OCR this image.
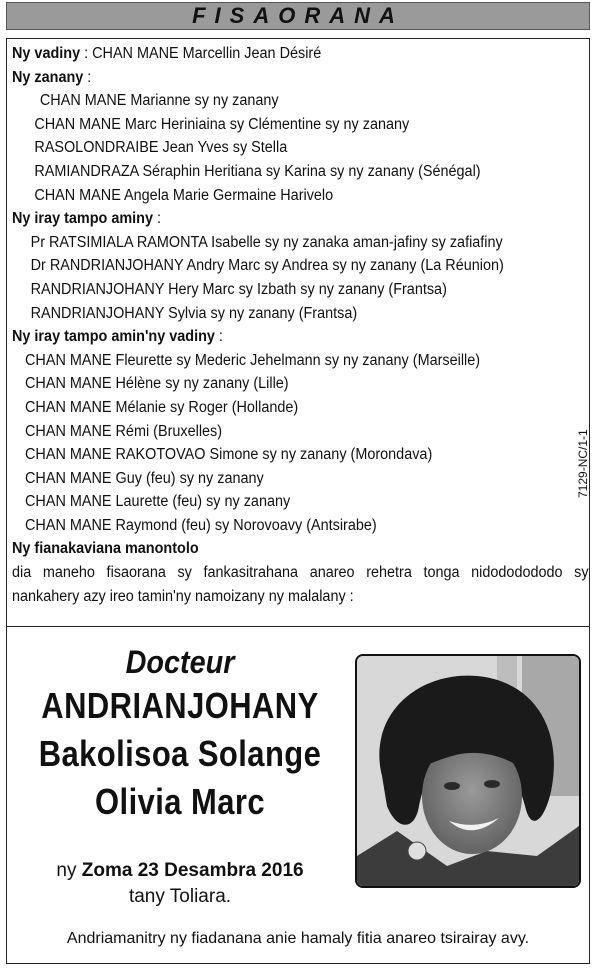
FISAORANA
Ny vadiny : CHAN MANE Marcellin Jean Désiré
Ny zanany :
CHAN MANE Marianne sy ny zanany
CHAN MANE Marc Heriniaina sy Clémentine sy ny zanany
RASOLONDRAIBE Jean Yves sy Stella
RAMIANDRAZA Séraphin Heritiana sy Karina sy ny zanany (Sénégal)
CHAN MANE Angela Marie Germaine Harivelo
Ny iray tampo aminy :
Pr RATSIMIALA RAMONTA Isabelle sy ny zanaka aman-jafiny sy zafiafiny
Dr RANDRIANJOHANY Andry Marc sy Andrea sy ny zanany (La Réunion)
RANDRIANJOHANY Hery Marc sy Izbath sy ny zanany (Frantsa)
RANDRIANJOHANY Sylvia sy ny zanany (Frantsa)
Ny iray tampo amin'ny vadiny :
CHAN MANE Fleurette sy Mederic Jehelmann sy ny zanany (Marseille)
CHAN MANE Hélène sy ny zanany (Lille)
CHAN MANE Mélanie sy Roger (Hollande)
CHAN MANE Rémi (Bruxelles)
CHAN MANE RAKOTOVAO Simone sy ny zanany (Morondava)
CHAN MANE Guy (feu) sy ny zanany
CHAN MANE Laurette (feu) sy ny zanany
CHAN MANE Raymond (feu) sy Norovoavy (Antsirabe)
Ny fianakaviana manontolo
dia maneho fisaorana sy fankasitrahana anareo rehetra tonga nidododododo sy nankahery azy ireo tamin'ny namoizany ny malalany :
7129-NC/1-1
Docteur
ANDRIANJOHANY
Bakolisoa Solange
Olivia Marc
ny Zoma 23 Desambra 2016
tany Toliara.
Andriamanitry ny fiadanana anie hamaly fitia anareo tsirairay avy.
